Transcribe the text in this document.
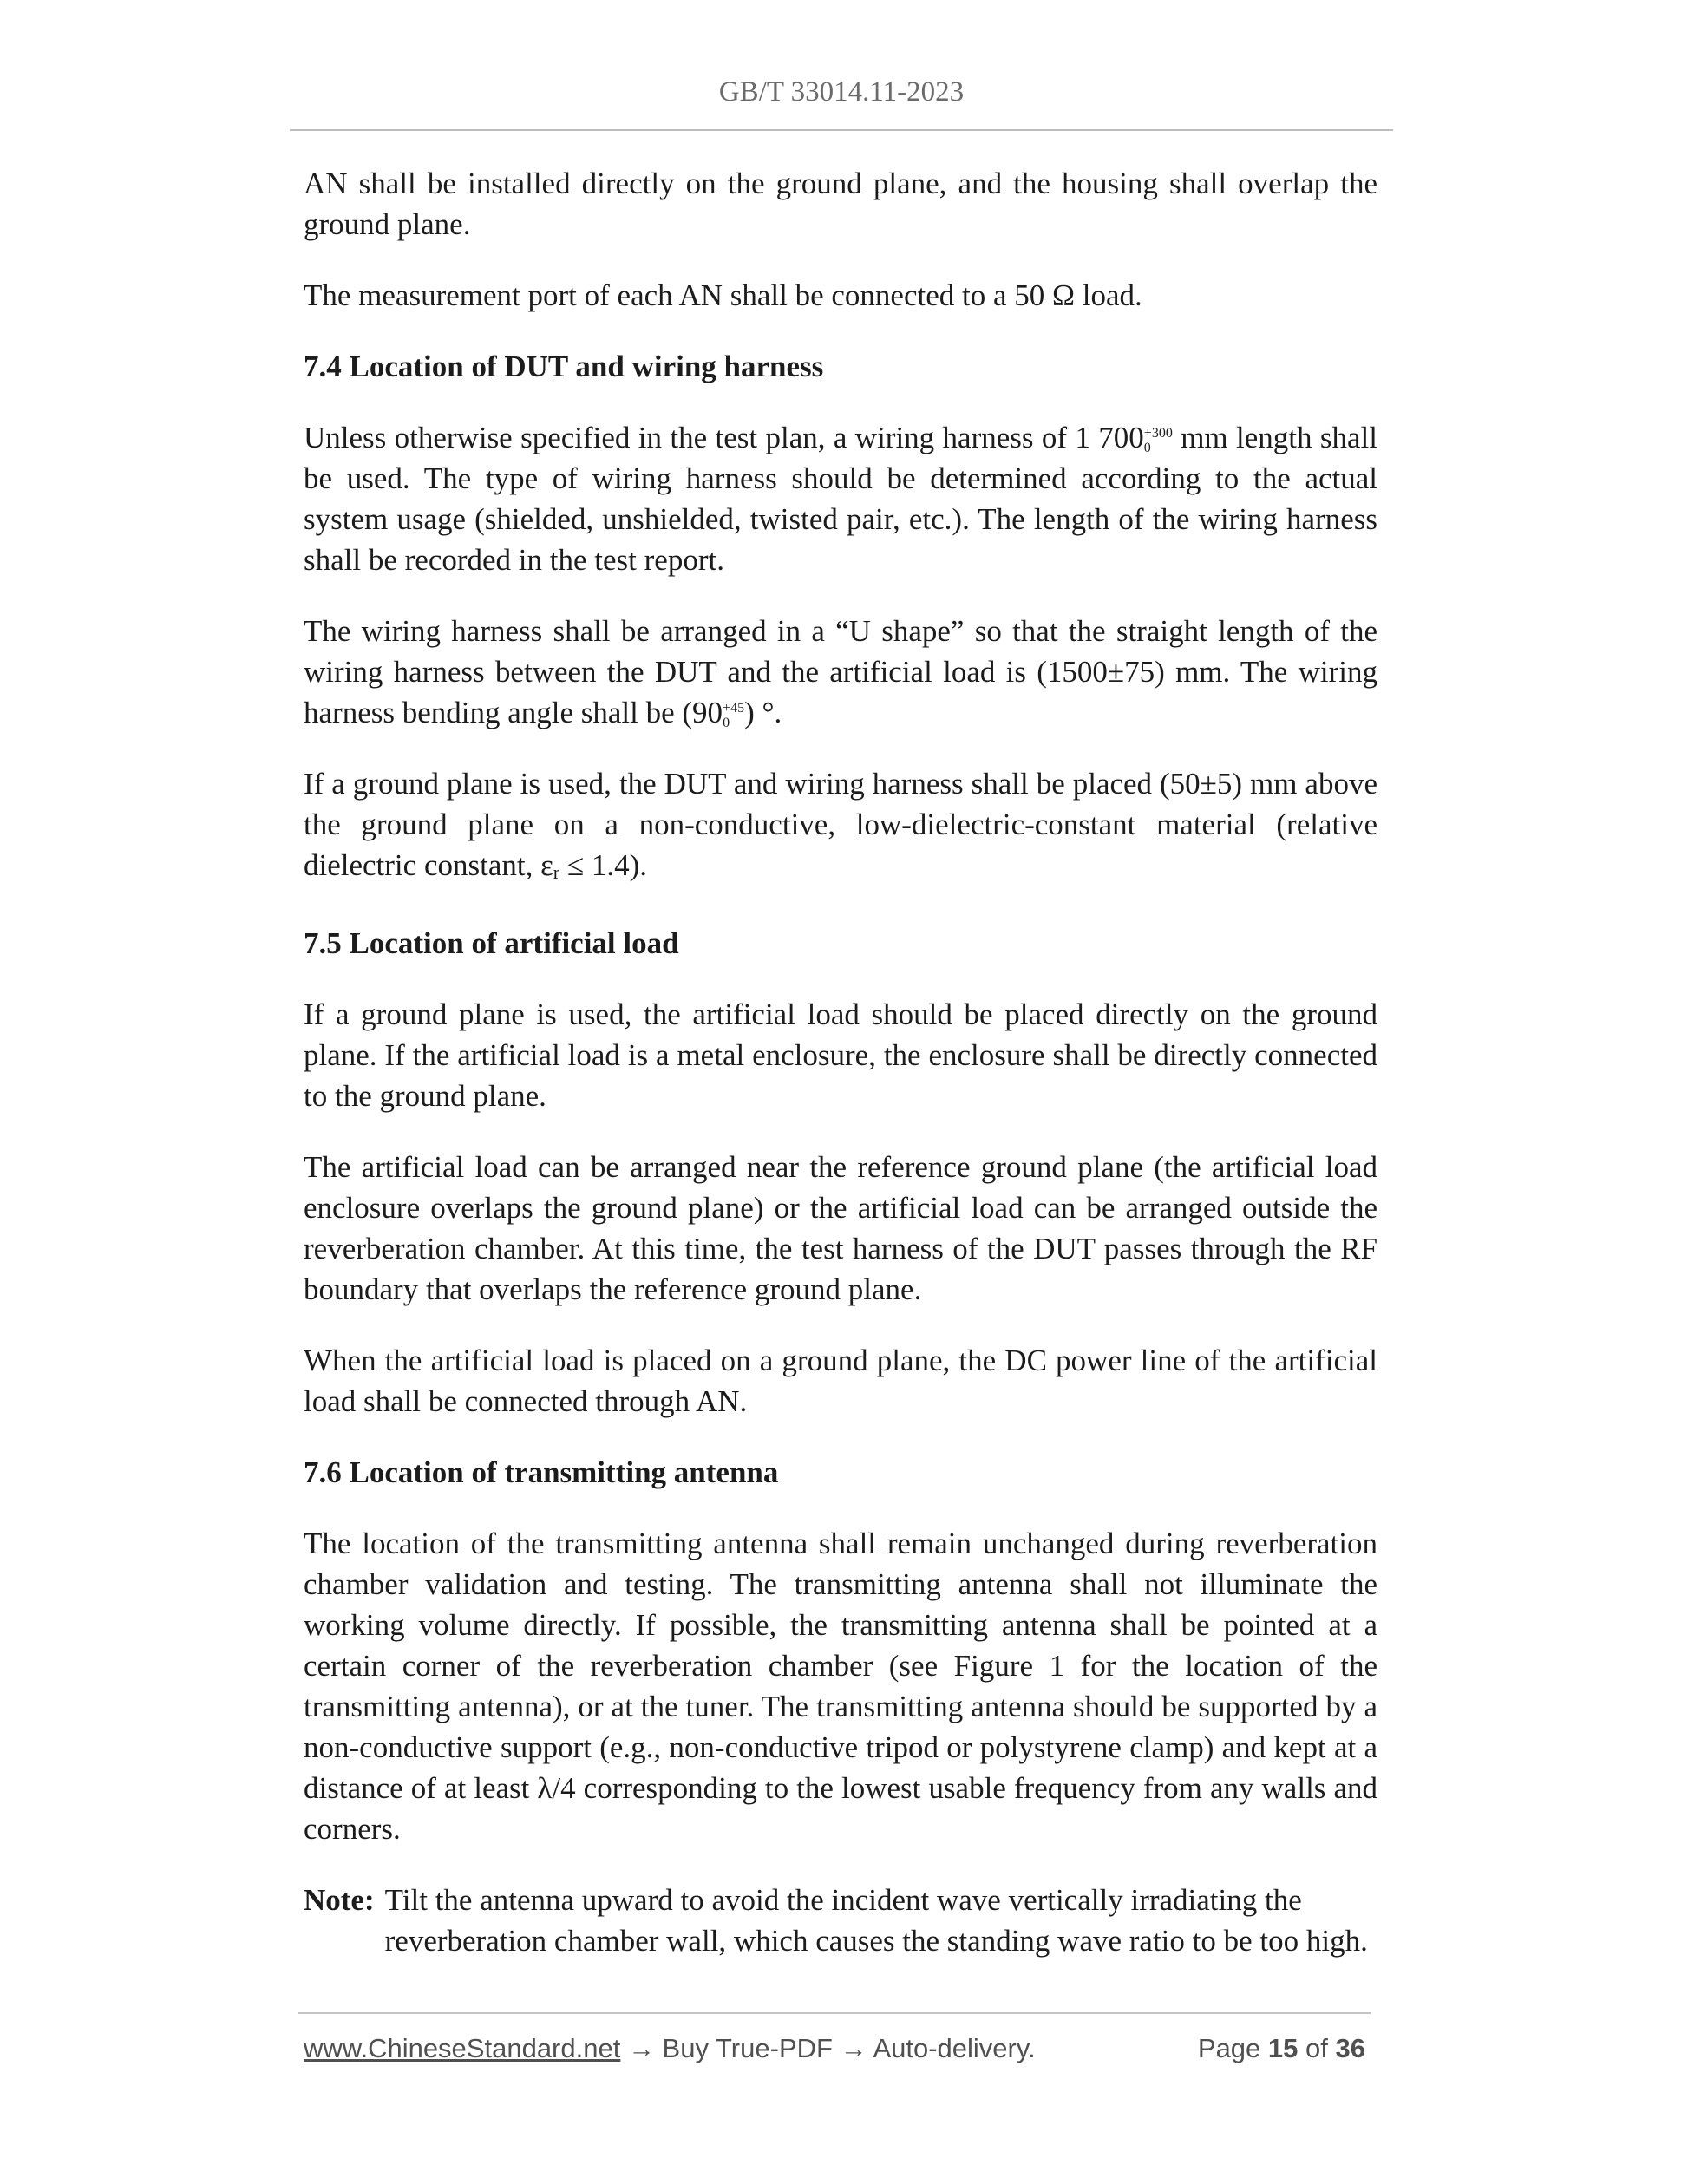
GB/T 33014.11-2023

AN shall be installed directly on the ground plane, and the housing shall overlap the ground plane.

The measurement port of each AN shall be connected to a 50 Ω load.

7.4 Location of DUT and wiring harness

Unless otherwise specified in the test plan, a wiring harness of 1 700 +300
0 mm length shall be used. The type of wiring harness should be determined according to the actual system usage (shielded, unshielded, twisted pair, etc.). The length of the wiring harness shall be recorded in the test report.

The wiring harness shall be arranged in a “U shape” so that the straight length of the wiring harness between the DUT and the artificial load is (1500±75) mm. The wiring harness bending angle shall be (90 +45
0 ) °.

If a ground plane is used, the DUT and wiring harness shall be placed (50±5) mm above the ground plane on a non-conductive, low-dielectric-constant material (relative dielectric constant, εr ≤ 1.4).

7.5 Location of artificial load

If a ground plane is used, the artificial load should be placed directly on the ground plane. If the artificial load is a metal enclosure, the enclosure shall be directly connected to the ground plane.

The artificial load can be arranged near the reference ground plane (the artificial load enclosure overlaps the ground plane) or the artificial load can be arranged outside the reverberation chamber. At this time, the test harness of the DUT passes through the RF boundary that overlaps the reference ground plane.

When the artificial load is placed on a ground plane, the DC power line of the artificial load shall be connected through AN.

7.6 Location of transmitting antenna

The location of the transmitting antenna shall remain unchanged during reverberation chamber validation and testing. The transmitting antenna shall not illuminate the working volume directly. If possible, the transmitting antenna shall be pointed at a certain corner of the reverberation chamber (see Figure 1 for the location of the transmitting antenna), or at the tuner. The transmitting antenna should be supported by a non-conductive support (e.g., non-conductive tripod or polystyrene clamp) and kept at a distance of at least λ/4 corresponding to the lowest usable frequency from any walls and corners.

Note: Tilt the antenna upward to avoid the incident wave vertically irradiating the
reverberation chamber wall, which causes the standing wave ratio to be too high.
www.ChineseStandard.net → Buy True-PDF → Auto-delivery.	Page 15 of 36
